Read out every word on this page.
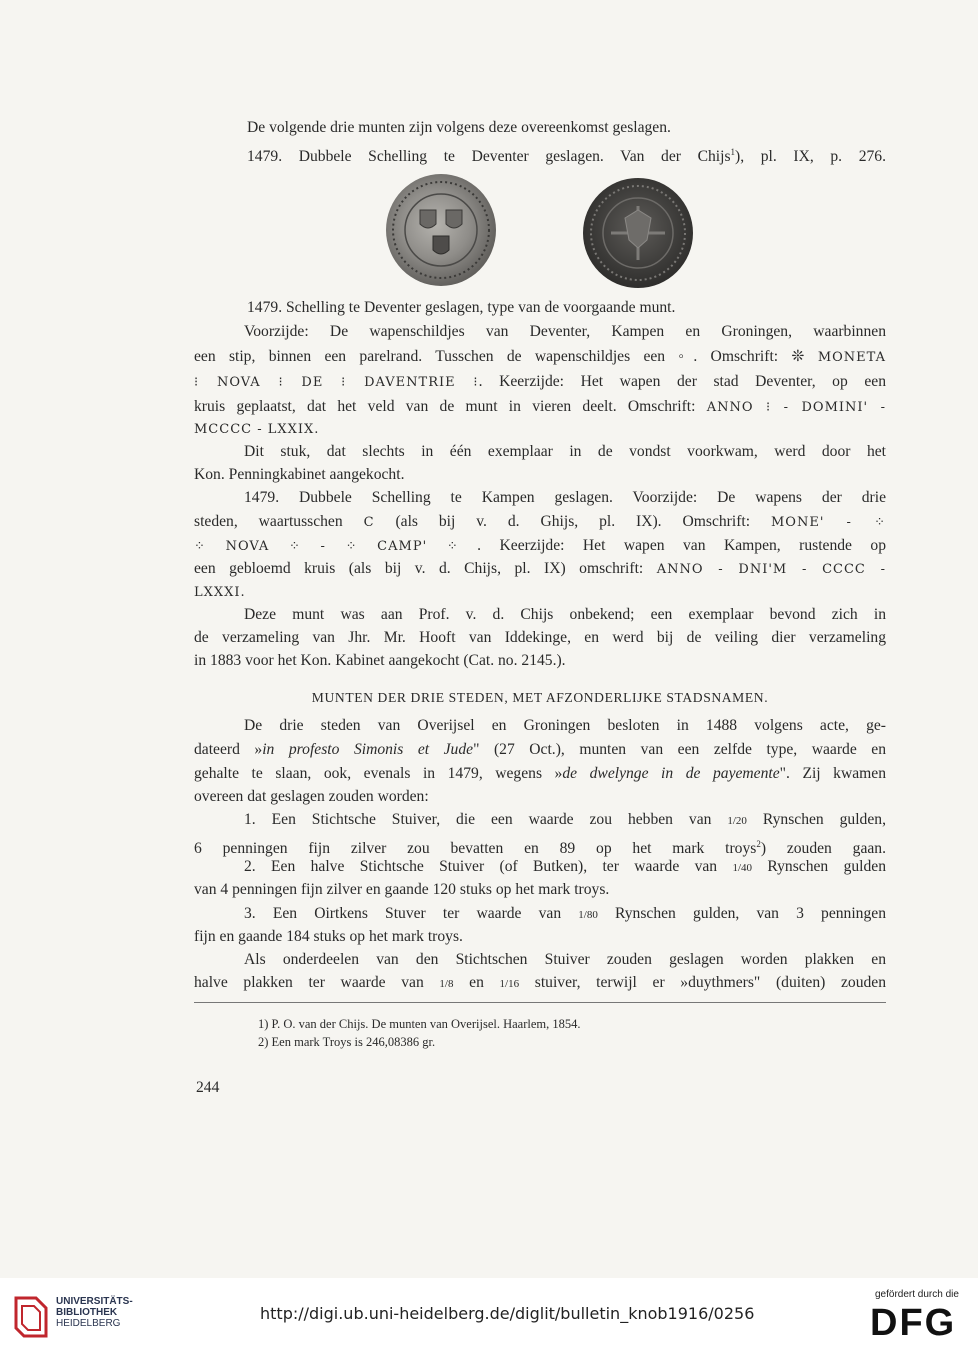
De volgende drie munten zijn volgens deze overeenkomst geslagen.
1479. Dubbele Schelling te Deventer geslagen. Van der Chijs$^1$), pl. IX, p. 276.
1479. Schelling te Deventer geslagen, type van de voorgaande munt.
Voorzijde: De wapenschildjes van Deventer, Kampen en Groningen, waarbinnen
een stip, binnen een parelrand. Tusschen de wapenschildjes een ◦. Omschrift: ❊ MONETA
⁝ NOVA ⁝ DE ⁝ DAVENTRIE ⁝. Keerzijde: Het wapen der stad Deventer, op een
kruis geplaatst, dat het veld van de munt in vieren deelt. Omschrift: ANNO ⁝ - DOMINI' -
MCCCC - LXXIX.
Dit stuk, dat slechts in één exemplaar in de vondst voorkwam, werd door het
Kon. Penningkabinet aangekocht.
1479. Dubbele Schelling te Kampen geslagen. Voorzijde: De wapens der drie
steden, waartusschen C (als bij v. d. Ghijs, pl. IX). Omschrift: MONE' - ⁘
⁘ NOVA ⁘ - ⁘ CAMP' ⁘ . Keerzijde: Het wapen van Kampen, rustende op
een gebloemd kruis (als bij v. d. Chijs, pl. IX) omschrift: ANNO - DNI'M - CCCC -
LXXXI.
Deze munt was aan Prof. v. d. Chijs onbekend; een exemplaar bevond zich in
de verzameling van Jhr. Mr. Hooft van Iddekinge, en werd bij de veiling dier verzameling
in 1883 voor het Kon. Kabinet aangekocht (Cat. no. 2145.).
MUNTEN DER DRIE STEDEN, MET AFZONDERLIJKE STADSNAMEN.
De drie steden van Overijsel en Groningen besloten in 1488 volgens acte, ge-
dateerd »in profesto Simonis et Jude" (27 Oct.), munten van een zelfde type, waarde en
gehalte te slaan, ook, evenals in 1479, wegens »de dwelynge in de payemente". Zij kwamen
overeen dat geslagen zouden worden:
1. Een Stichtsche Stuiver, die een waarde zou hebben van 1/20 Rynschen gulden,
6 penningen fijn zilver zou bevatten en 89 op het mark troys$^2$) zouden gaan.
2. Een halve Stichtsche Stuiver (of Butken), ter waarde van 1/40 Rynschen gulden
van 4 penningen fijn zilver en gaande 120 stuks op het mark troys.
3. Een Oirtkens Stuver ter waarde van 1/80 Rynschen gulden, van 3 penningen
fijn en gaande 184 stuks op het mark troys.
Als onderdeelen van den Stichtschen Stuiver zouden geslagen worden plakken en
halve plakken ter waarde van 1/8 en 1/16 stuiver, terwijl er »duythmers" (duiten) zouden
1) P. O. van der Chijs. De munten van Overijsel. Haarlem, 1854.
2) Een mark Troys is 246,08386 gr.
244
UNIVERSITÄTS-
BIBLIOTHEK
HEIDELBERG
http://digi.ub.uni-heidelberg.de/diglit/bulletin_knob1916/0256
gefördert durch die
DFG
